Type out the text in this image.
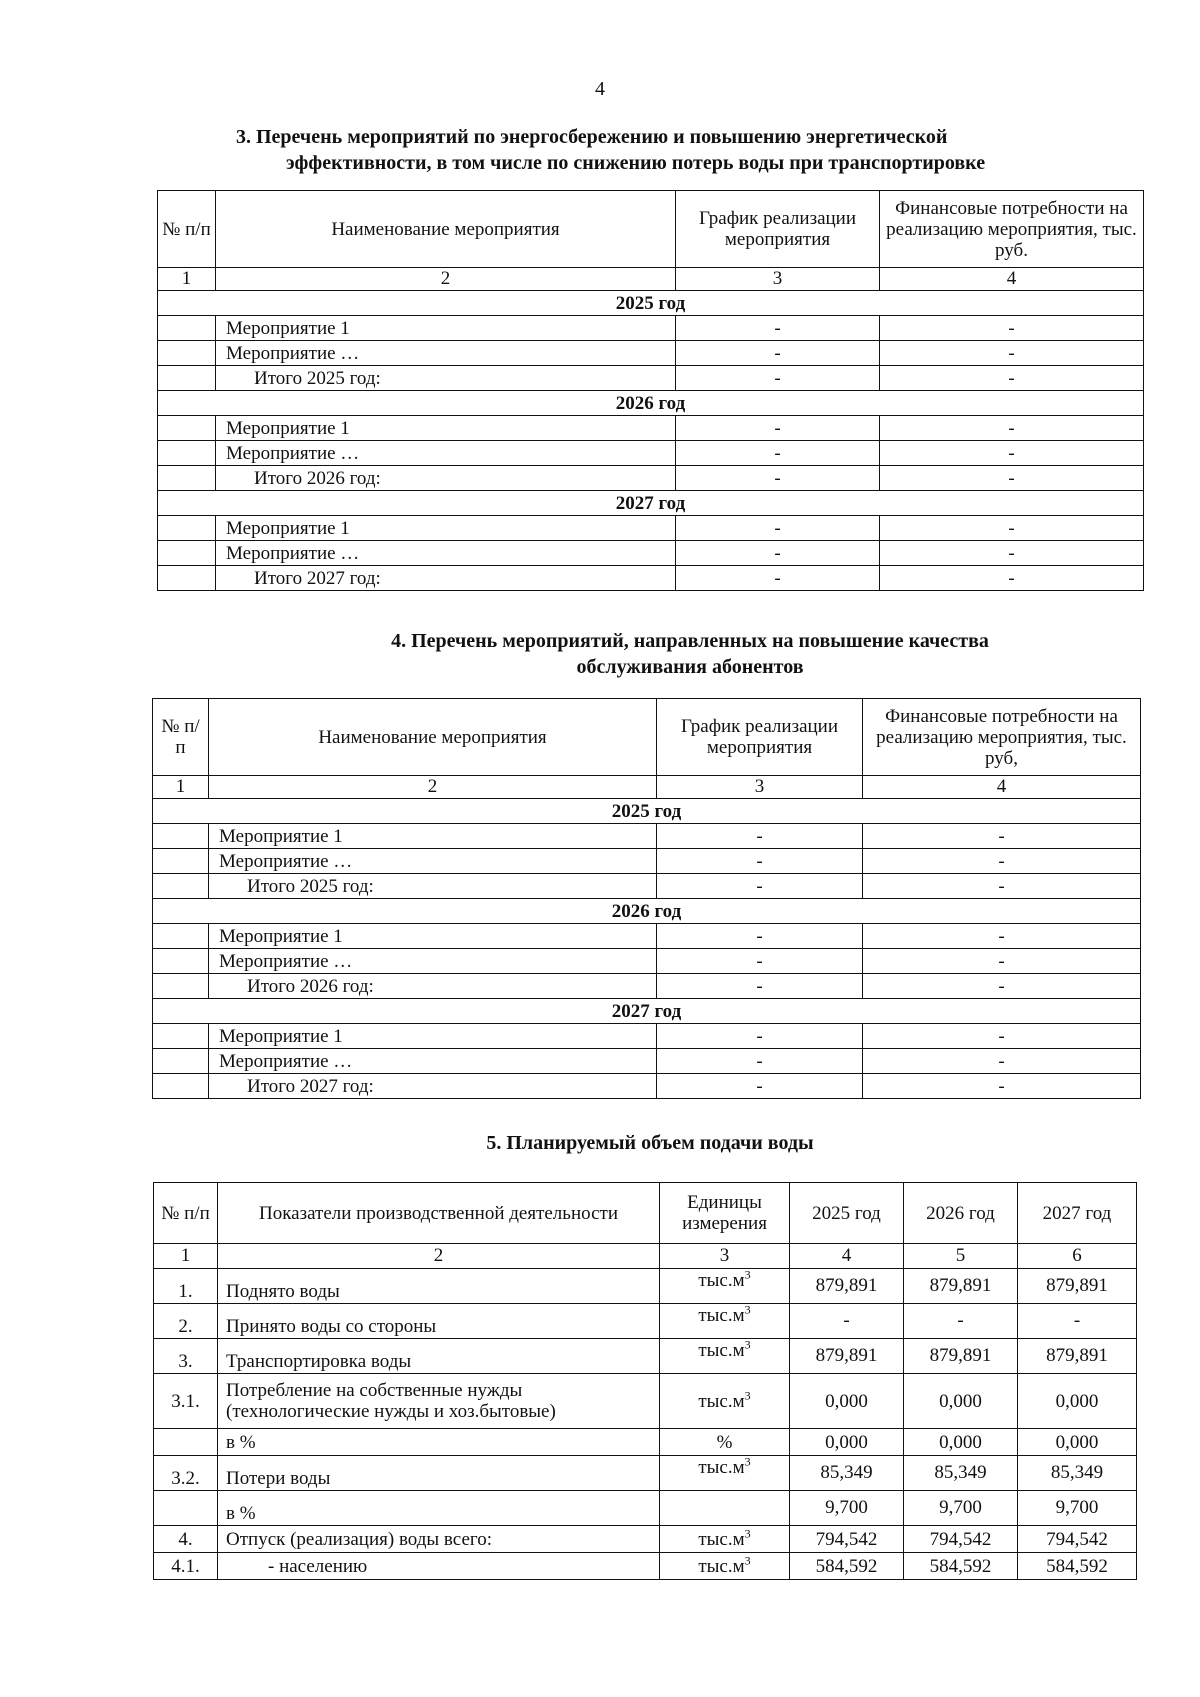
4
3. Перечень мероприятий по энергосбережению и повышению энергетической
эффективности, в том числе по снижению потерь воды при транспортировке
№ п/п	Наименование мероприятия	График реализации мероприятия	Финансовые потребности на реализацию мероприятия, тыс. руб.
1	2	3	4
2025 год			
	Мероприятие 1	-	-
	Мероприятие …	-	-
	Итого 2025 год:	-	-
2026 год			
	Мероприятие 1	-	-
	Мероприятие …	-	-
	Итого 2026 год:	-	-
2027 год			
	Мероприятие 1	-	-
	Мероприятие …	-	-
	Итого 2027 год:	-	-
4. Перечень мероприятий, направленных на повышение качества
обслуживания абонентов
№ п/п	Наименование мероприятия	График реализации мероприятия	Финансовые потребности на реализацию мероприятия, тыс. руб,
1	2	3	4
2025 год			
	Мероприятие 1	-	-
	Мероприятие …	-	-
	Итого 2025 год:	-	-
2026 год			
	Мероприятие 1	-	-
	Мероприятие …	-	-
	Итого 2026 год:	-	-
2027 год			
	Мероприятие 1	-	-
	Мероприятие …	-	-
	Итого 2027 год:	-	-
5. Планируемый объем подачи воды
№ п/п	Показатели производственной деятельности	Единицы измерения	2025 год	2026 год	2027 год
1	2	3	4	5	6
1.	Поднято воды	$тыс.м^3$	879,891	879,891	879,891
2.	Принято воды со стороны	$тыс.м^3$	-	-	-
3.	Транспортировка воды	$тыс.м^3$	879,891	879,891	879,891
3.1.	Потребление на собственные нужды (технологические нужды и хоз.бытовые)	$тыс.м^3$	0,000	0,000	0,000
	в %	%	0,000	0,000	0,000
3.2.	Потери воды	$тыс.м^3$	85,349	85,349	85,349
	в %		9,700	9,700	9,700
4.	Отпуск (реализация) воды всего:	$тыс.м^3$	794,542	794,542	794,542
4.1.	- населению	$тыс.м^3$	584,592	584,592	584,592
